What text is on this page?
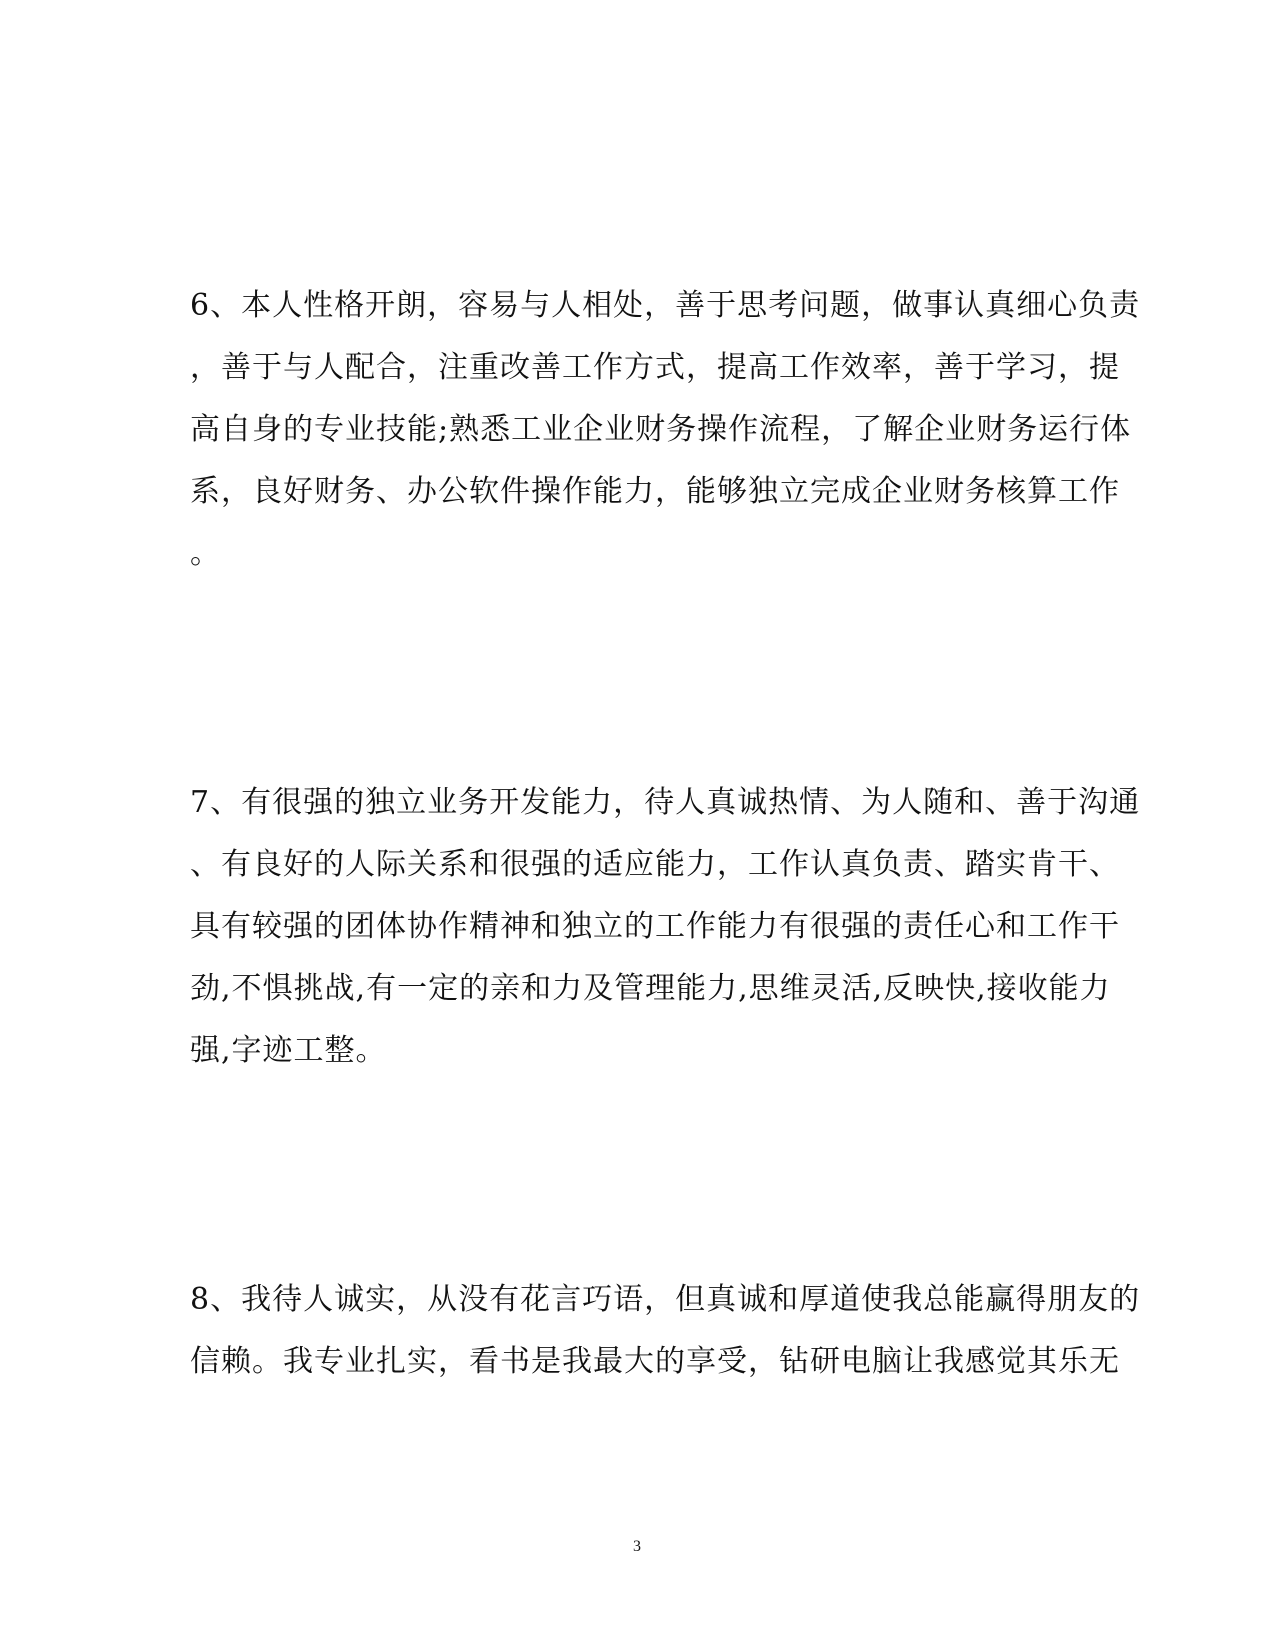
6、本人性格开朗，容易与人相处，善于思考问题，做事认真细心负责
，善于与人配合，注重改善工作方式，提高工作效率，善于学习，提
高自身的专业技能;熟悉工业企业财务操作流程，了解企业财务运行体
系，良好财务、办公软件操作能力，能够独立完成企业财务核算工作
。
7、有很强的独立业务开发能力，待人真诚热情、为人随和、善于沟通
、有良好的人际关系和很强的适应能力，工作认真负责、踏实肯干、
具有较强的团体协作精神和独立的工作能力有很强的责任心和工作干
劲,不惧挑战,有一定的亲和力及管理能力,思维灵活,反映快,接收能力
强,字迹工整。
8、我待人诚实，从没有花言巧语，但真诚和厚道使我总能赢得朋友的
信赖。我专业扎实，看书是我最大的享受，钻研电脑让我感觉其乐无
3
